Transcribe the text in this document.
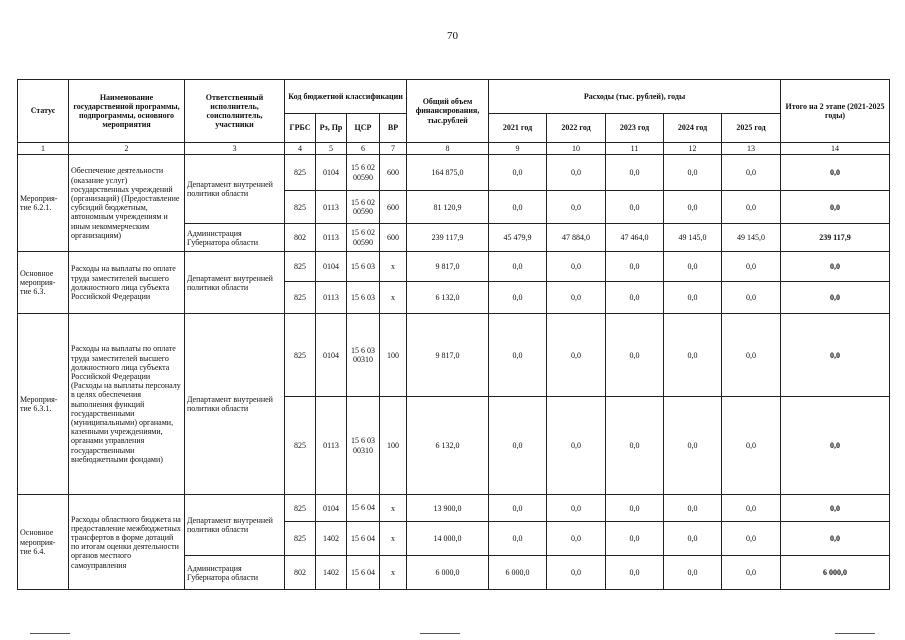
70
Статус	Наименование государственной программы, подпрограммы, основного мероприятия	Ответственный исполнитель, соисполнитель, участники	Код бюджетной классификации				Общий объем финансирования, тыс.рублей	Расходы (тыс. рублей), годы					Итого на 2 этапе (2021-2025 годы)
			ГРБС	Рз, Пр	ЦСР	ВР		2021 год	2022 год	2023 год	2024 год	2025 год	
1	2	3	4	5	6	7	8	9	10	11	12	13	14
Мероприя-тие 6.2.1.	Обеспечение деятельности (оказание услуг) государственных учреждений (организаций) (Предоставление субсидий бюджетным, автономным учреждениям и иным некоммерческим организациям)	Департамент внутренней политики области	825	0104	15 6 02 00590	600	164 875,0	0,0	0,0	0,0	0,0	0,0	0,0
			825	0113	15 6 02 00590	600	81 120,9	0,0	0,0	0,0	0,0	0,0	0,0
		Администрация Губернатора области	802	0113	15 6 02 00590	600	239 117,9	45 479,9	47 884,0	47 464,0	49 145,0	49 145,0	239 117,9
Основное мероприя-тие 6.3.	Расходы на выплаты по оплате труда заместителей высшего должностного лица субъекта Российской Федерации	Департамент внутренней политики области	825	0104	15 6 03	х	9 817,0	0,0	0,0	0,0	0,0	0,0	0,0
			825	0113	15 6 03	х	6 132,0	0,0	0,0	0,0	0,0	0,0	0,0
Мероприя-тие 6.3.1.	Расходы на выплаты по оплате труда заместителей высшего должностного лица субъекта Российской Федерации (Расходы на выплаты персоналу в целях обеспечения выполнения функций государственными (муниципальными) органами, казенными учреждениями, органами управления государственными внебюджетными фондами)	Департамент внутренней политики области	825	0104	15 6 03 00310	100	9 817,0	0,0	0,0	0,0	0,0	0,0	0,0
			825	0113	15 6 03 00310	100	6 132,0	0,0	0,0	0,0	0,0	0,0	0,0
Основное мероприя-тие 6.4.	Расходы областного бюджета на предоставление межбюджетных трансфертов в форме дотаций по итогам оценки деятельности органов местного самоуправления	Департамент внутренней политики области	825	0104	15 6 04	х	13 900,0	0,0	0,0	0,0	0,0	0,0	0,0
			825	1402	15 6 04	х	14 000,0	0,0	0,0	0,0	0,0	0,0	0,0
		Администрация Губернатора области	802	1402	15 6 04	х	6 000,0	6 000,0	0,0	0,0	0,0	0,0	6 000,0
